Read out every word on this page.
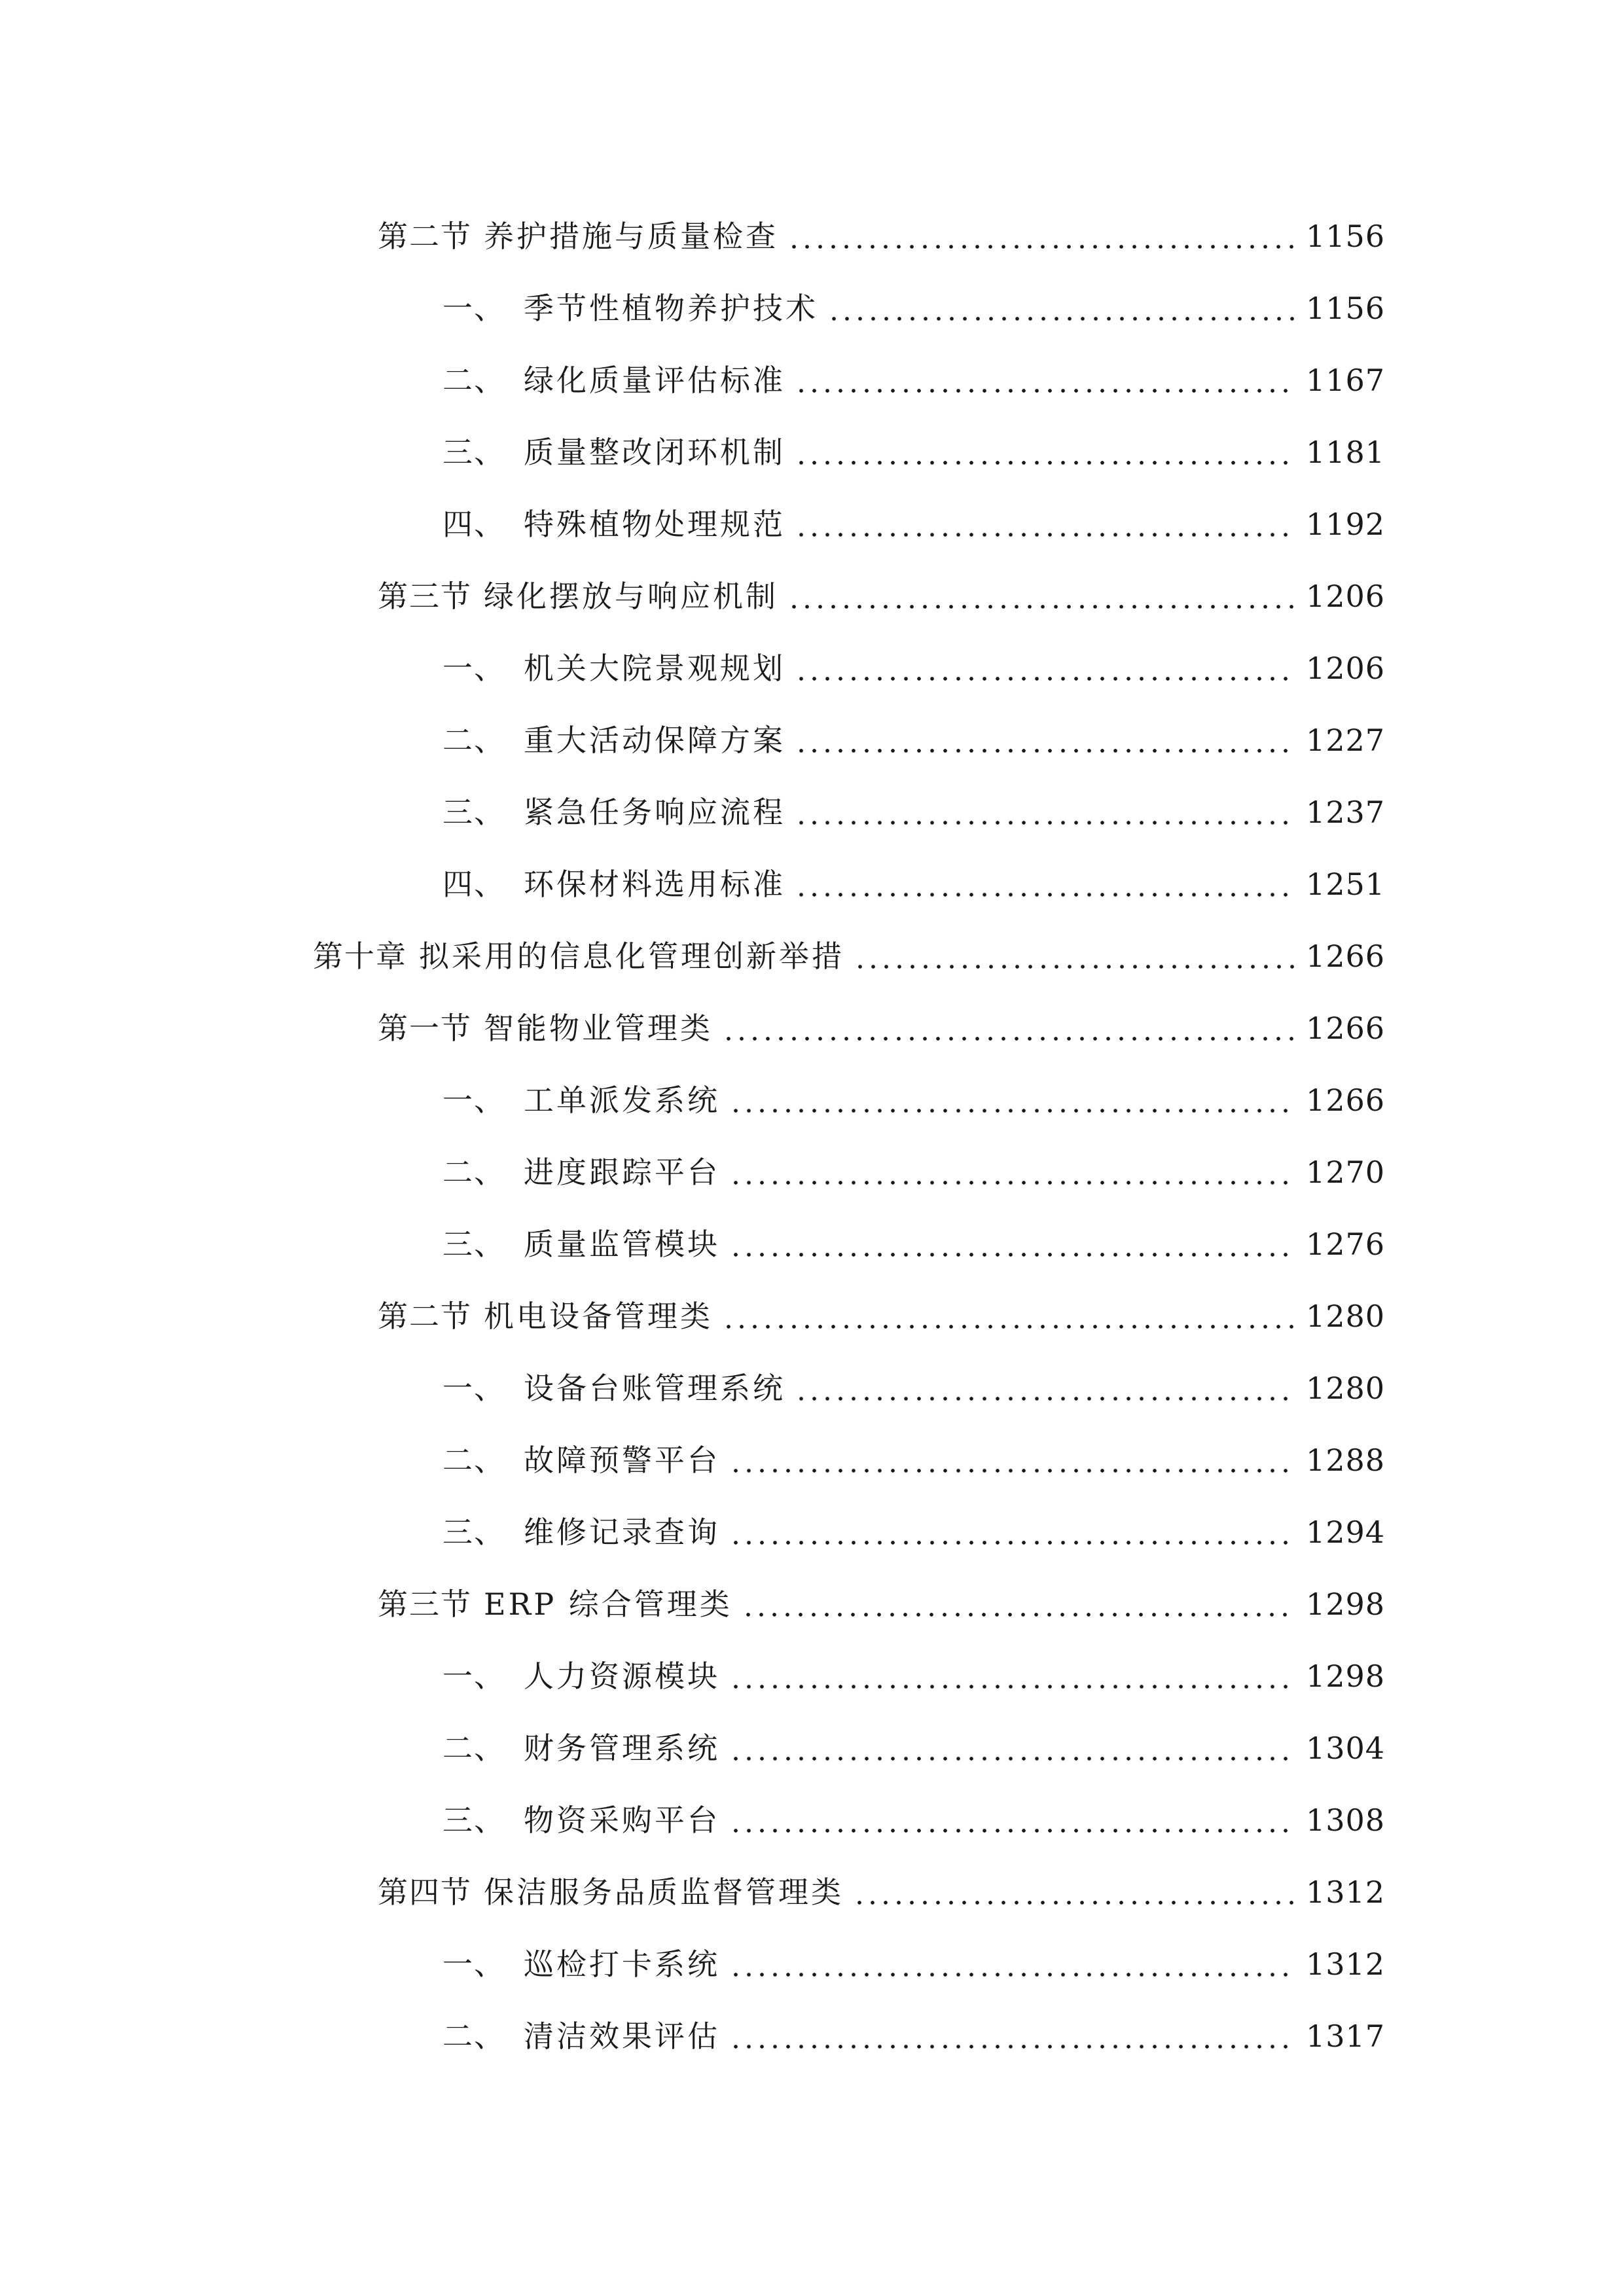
第二节 养护措施与质量检查	1156
一、 季节性植物养护技术	1156
二、 绿化质量评估标准	1167
三、 质量整改闭环机制	1181
四、 特殊植物处理规范	1192
第三节 绿化摆放与响应机制	1206
一、 机关大院景观规划	1206
二、 重大活动保障方案	1227
三、 紧急任务响应流程	1237
四、 环保材料选用标准	1251
第十章 拟采用的信息化管理创新举措	1266
第一节 智能物业管理类	1266
一、 工单派发系统	1266
二、 进度跟踪平台	1270
三、 质量监管模块	1276
第二节 机电设备管理类	1280
一、 设备台账管理系统	1280
二、 故障预警平台	1288
三、 维修记录查询	1294
第三节 ERP 综合管理类	1298
一、 人力资源模块	1298
二、 财务管理系统	1304
三、 物资采购平台	1308
第四节 保洁服务品质监督管理类	1312
一、 巡检打卡系统	1312
二、 清洁效果评估	1317
